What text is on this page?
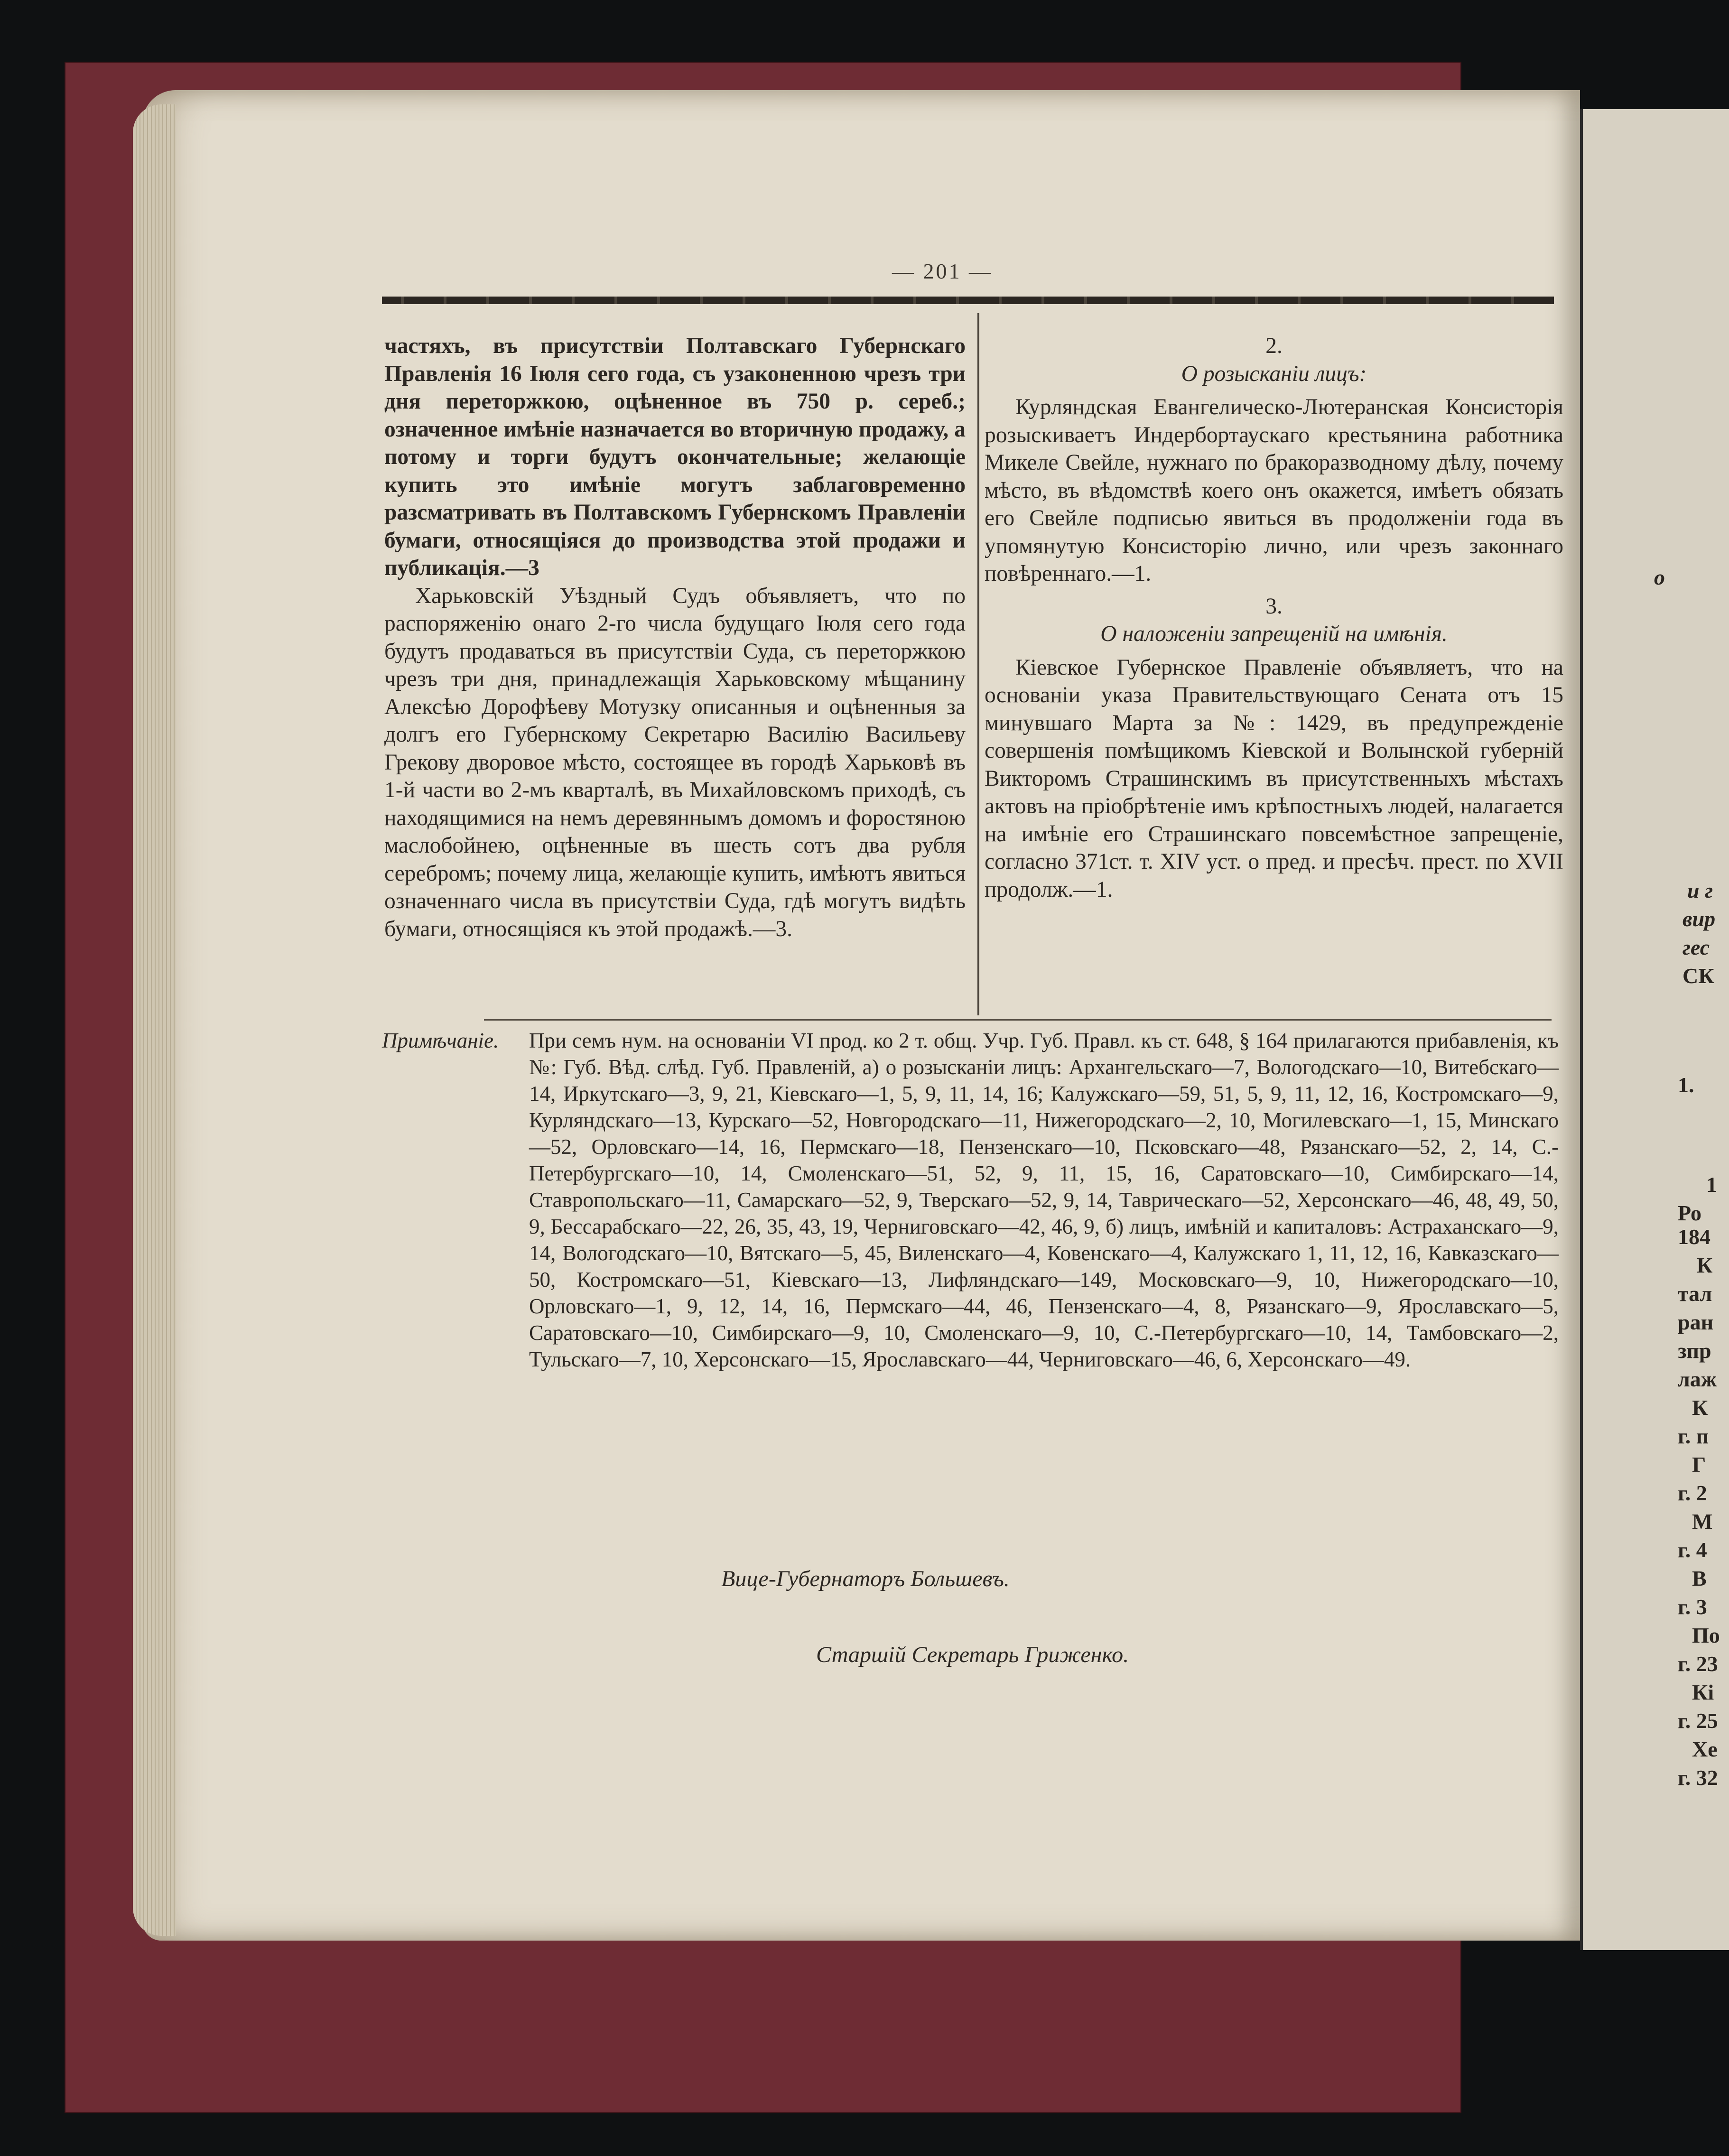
о
и г
вир
гес
СК
1.
1
Ро
184
К
тал
ран
зпр
лаж
К
г. п
Г
г. 2
М
г. 4
В
г. 3
По
г. 23
Кі
г. 25
Хе
г. 32
— 201 —

частяхъ, въ присутствіи Полтавскаго Губернскаго Правленія 16 Іюля сего года, съ узаконенною чрезъ три дня переторжкою, оцѣненное въ 750 р. сереб.; означенное имѣніе назначается во вторичную продажу, а потому и торги будутъ окончательные; желающіе купить это имѣніе могутъ заблаговременно разсматривать въ Полтавскомъ Губернскомъ Правленіи бумаги, относящіяся до производства этой продажи и публикація.—3

Харьковскій Уѣздный Судъ объявляетъ, что по распоряженію онаго 2-го числа будущаго Іюля сего года будутъ продаваться въ присутствіи Суда, съ переторжкою чрезъ три дня, принадлежащія Харьковскому мѣщанину Алексѣю Дорофѣеву Мотузку описанныя и оцѣненныя за долгъ его Губернскому Секретарю Василію Васильеву Грекову дворовое мѣсто, состоящее въ городѣ Харьковѣ въ 1-й части во 2-мъ кварталѣ, въ Михайловскомъ приходѣ, съ находящимися на немъ деревяннымъ домомъ и форостяною маслобойнею, оцѣненные въ шесть сотъ два рубля серебромъ; почему лица, желающіе купить, имѣютъ явиться означеннаго числа въ присутствіи Суда, гдѣ могутъ видѣть бумаги, относящіяся къ этой продажѣ.—3.

2.

О розысканіи лицъ:

Курляндская Евангелическо-Лютеранская Консисторія розыскиваетъ Индербортаускаго крестьянина работника Микеле Свейле, нужнаго по бракоразводному дѣлу, почему мѣсто, въ вѣдомствѣ коего онъ окажется, имѣетъ обязать его Свейле подписью явиться въ продолженіи года въ упомянутую Консисторію лично, или чрезъ законнаго повѣреннаго.—1.

3.

О наложеніи запрещеній на имѣнія.

Кіевское Губернское Правленіе объявляетъ, что на основаніи указа Правительствующаго Сената отъ 15 минувшаго Марта за №: 1429, въ предупрежденіе совершенія помѣщикомъ Кіевской и Волынской губерній Викторомъ Страшинскимъ въ присутственныхъ мѣстахъ актовъ на пріобрѣтеніе имъ крѣпостныхъ людей, налагается на имѣніе его Страшинскаго повсемѣстное запрещеніе, согласно 371ст. т. XIV уст. о пред. и пресѣч. прест. по XVII продолж.—1.

Примѣчаніе. При семъ нум. на основаніи VI прод. ко 2 т. общ. Учр. Губ. Правл. къ ст. 648, § 164 прилагаются прибавленія, къ №: Губ. Вѣд. слѣд. Губ. Правленій, а) о розысканіи лицъ: Архангельскаго—7, Вологодскаго—10, Витебскаго—14, Иркутскаго—3, 9, 21, Кіевскаго—1, 5, 9, 11, 14, 16; Калужскаго—59, 51, 5, 9, 11, 12, 16, Костромскаго—9, Курляндскаго—13, Курскаго—52, Новгородскаго—11, Нижегородскаго—2, 10, Могилевскаго—1, 15, Минскаго—52, Орловскаго—14, 16, Пермскаго—18, Пензенскаго—10, Псковскаго—48, Рязанскаго—52, 2, 14, С.-Петербургскаго—10, 14, Смоленскаго—51, 52, 9, 11, 15, 16, Саратовскаго—10, Симбирскаго—14, Ставропольскаго—11, Самарскаго—52, 9, Тверскаго—52, 9, 14, Таврическаго—52, Херсонскаго—46, 48, 49, 50, 9, Бессарабскаго—22, 26, 35, 43, 19, Черниговскаго—42, 46, 9, б) лицъ, имѣній и капиталовъ: Астраханскаго—9, 14, Вологодскаго—10, Вятскаго—5, 45, Виленскаго—4, Ковенскаго—4, Калужскаго 1, 11, 12, 16, Кавказскаго—50, Костромскаго—51, Кіевскаго—13, Лифляндскаго—149, Московскаго—9, 10, Нижегородскаго—10, Орловскаго—1, 9, 12, 14, 16, Пермскаго—44, 46, Пензенскаго—4, 8, Рязанскаго—9, Ярославскаго—5, Саратовскаго—10, Симбирскаго—9, 10, Смоленскаго—9, 10, С.-Петербургскаго—10, 14, Тамбовскаго—2, Тульскаго—7, 10, Херсонскаго—15, Ярославскаго—44, Черниговскаго—46, 6, Херсонскаго—49.
Вице-Губернаторъ Большевъ.
Старшій Секретарь Гриженко.
